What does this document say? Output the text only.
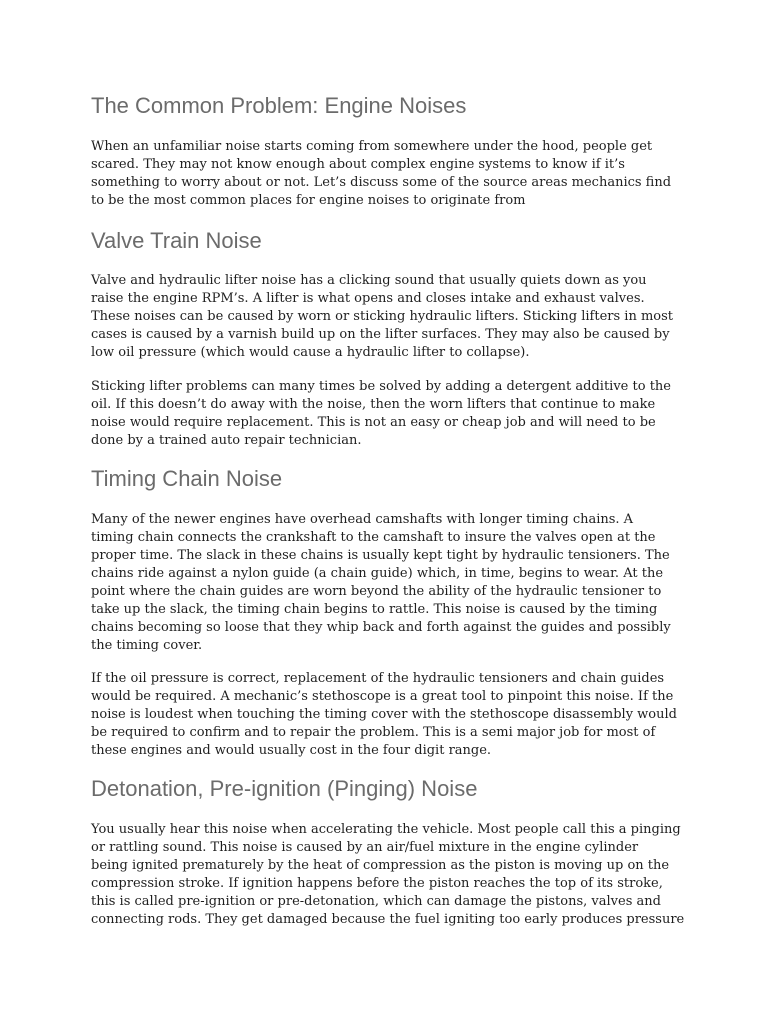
The Common Problem: Engine Noises
When an unfamiliar noise starts coming from somewhere under the hood, people get
scared. They may not know enough about complex engine systems to know if it’s
something to worry about or not. Let’s discuss some of the source areas mechanics find
to be the most common places for engine noises to originate from
Valve Train Noise
Valve and hydraulic lifter noise has a clicking sound that usually quiets down as you
raise the engine RPM’s. A lifter is what opens and closes intake and exhaust valves.
These noises can be caused by worn or sticking hydraulic lifters. Sticking lifters in most
cases is caused by a varnish build up on the lifter surfaces. They may also be caused by
low oil pressure (which would cause a hydraulic lifter to collapse).
Sticking lifter problems can many times be solved by adding a detergent additive to the
oil. If this doesn’t do away with the noise, then the worn lifters that continue to make
noise would require replacement. This is not an easy or cheap job and will need to be
done by a trained auto repair technician.
Timing Chain Noise
Many of the newer engines have overhead camshafts with longer timing chains. A
timing chain connects the crankshaft to the camshaft to insure the valves open at the
proper time. The slack in these chains is usually kept tight by hydraulic tensioners. The
chains ride against a nylon guide (a chain guide) which, in time, begins to wear. At the
point where the chain guides are worn beyond the ability of the hydraulic tensioner to
take up the slack, the timing chain begins to rattle. This noise is caused by the timing
chains becoming so loose that they whip back and forth against the guides and possibly
the timing cover.
If the oil pressure is correct, replacement of the hydraulic tensioners and chain guides
would be required. A mechanic’s stethoscope is a great tool to pinpoint this noise. If the
noise is loudest when touching the timing cover with the stethoscope disassembly would
be required to confirm and to repair the problem. This is a semi major job for most of
these engines and would usually cost in the four digit range.
Detonation, Pre-ignition (Pinging) Noise
You usually hear this noise when accelerating the vehicle. Most people call this a pinging
or rattling sound. This noise is caused by an air/fuel mixture in the engine cylinder
being ignited prematurely by the heat of compression as the piston is moving up on the
compression stroke. If ignition happens before the piston reaches the top of its stroke,
this is called pre-ignition or pre-detonation, which can damage the pistons, valves and
connecting rods. They get damaged because the fuel igniting too early produces pressure
